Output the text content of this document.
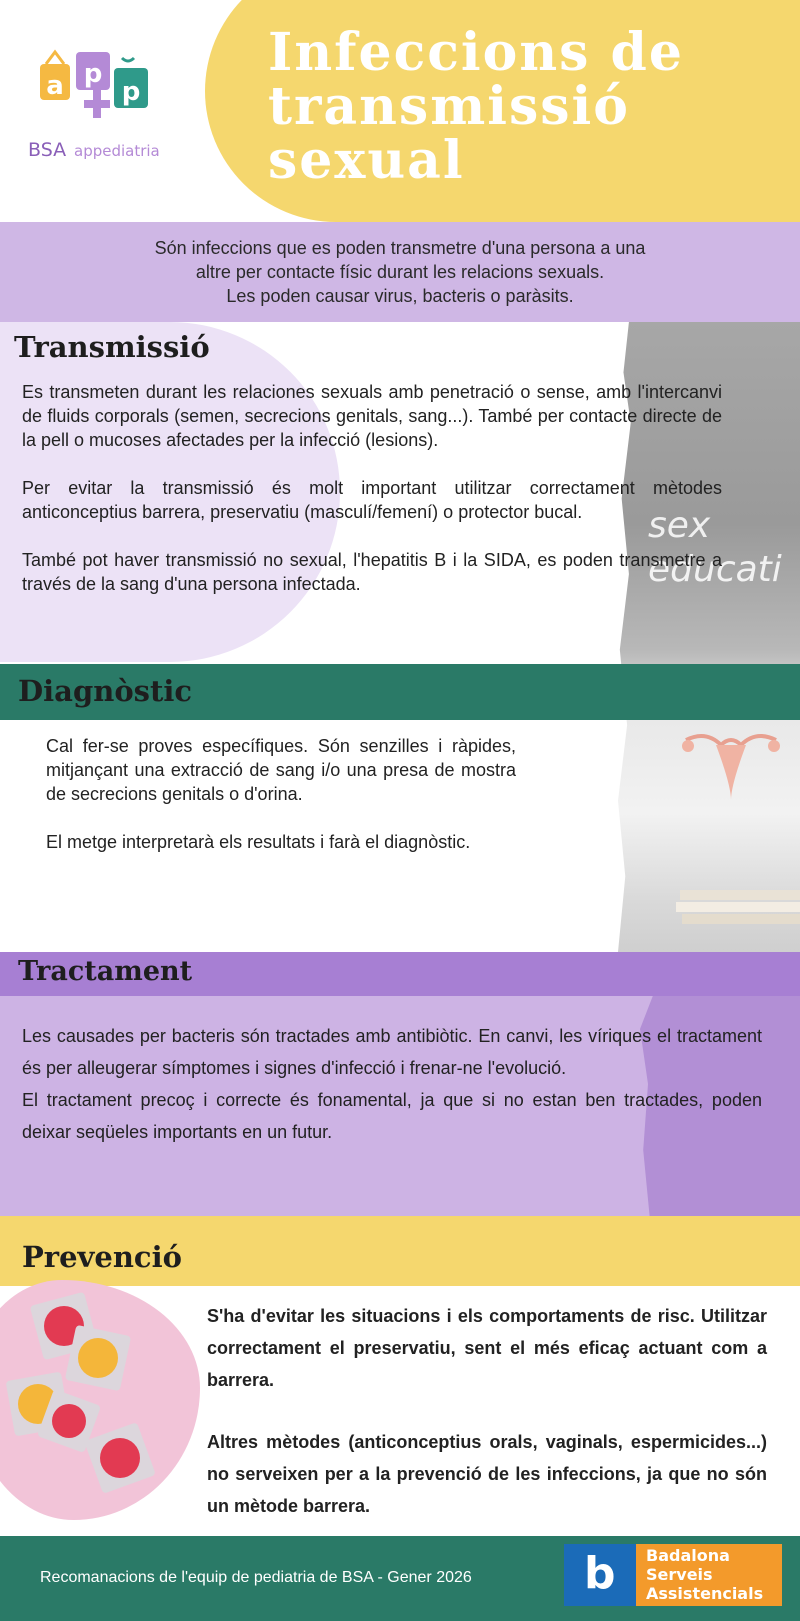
a p
p
BSA appediatria
Infeccions de
transmissió
sexual
Són infeccions que es poden transmetre d'una persona a una
altre per contacte físic durant les relacions sexuals.
Les poden causar virus, bacteris o paràsits.
sex
educati
Transmissió

Es transmeten durant les relaciones sexuals amb penetració o sense, amb l'intercanvi de fluids corporals (semen, secrecions genitals, sang...). També per contacte directe de la pell o mucoses afectades per la infecció (lesions).

Per evitar la transmissió és molt important utilitzar correctament mètodes anticonceptius barrera, preservatiu (masculí/femení) o protector bucal.

També pot haver transmissió no sexual, l'hepatitis B i la SIDA, es poden transmetre a través de la sang d'una persona infectada.

Diagnòstic

Cal fer-se proves específiques. Són senzilles i ràpides, mitjançant una extracció de sang i/o una presa de mostra de secrecions genitals o d'orina.

El metge interpretarà els resultats i farà el diagnòstic.

Tractament

Les causades per bacteris són tractades amb antibiòtic. En canvi, les víriques el tractament és per alleugerar símptomes i signes d'infecció i frenar-ne l'evolució.

El tractament precoç i correcte és fonamental, ja que si no estan ben tractades, poden deixar seqüeles importants en un futur.

Prevenció

S'ha d'evitar les situacions i els comportaments de risc. Utilitzar correctament el preservatiu, sent el més eficaç actuant com a barrera.

Altres mètodes (anticonceptius orals, vaginals, espermicides...) no serveixen per a la prevenció de les infeccions, ja que no són un mètode barrera.

Recomanacions de l'equip de pediatria de BSA - Gener 2026	b Badalona
Serveis
Assistencials
